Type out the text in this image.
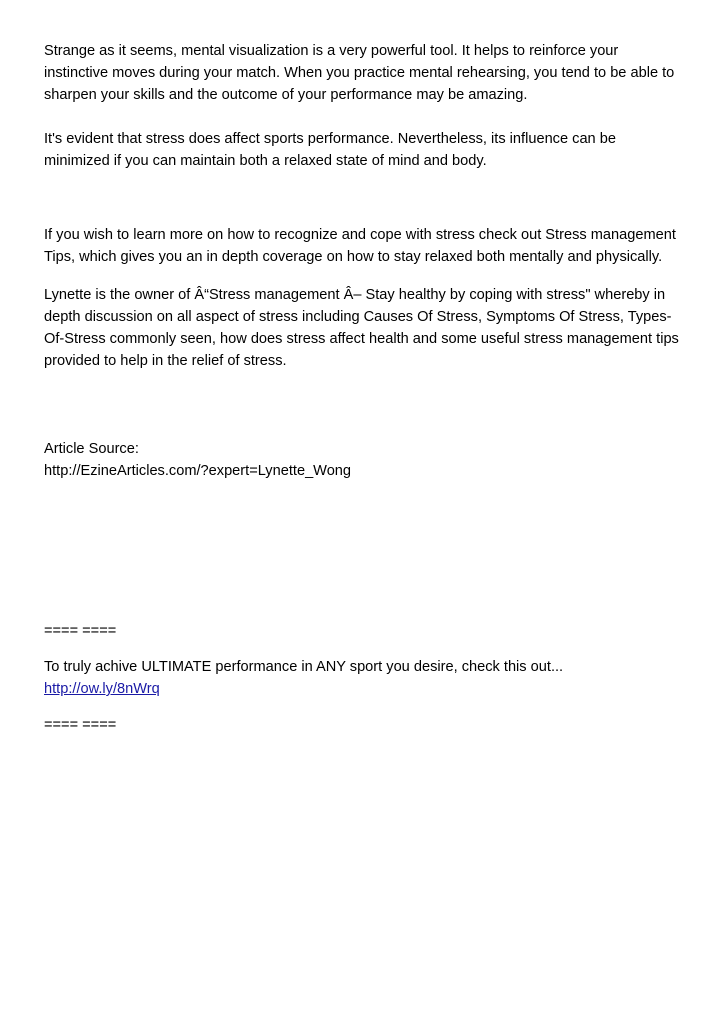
Strange as it seems, mental visualization is a very powerful tool. It helps to reinforce your
instinctive moves during your match. When you practice mental rehearsing, you tend to be able to
sharpen your skills and the outcome of your performance may be amazing.

It's evident that stress does affect sports performance. Nevertheless, its influence can be
minimized if you can maintain both a relaxed state of mind and body.

If you wish to learn more on how to recognize and cope with stress check out Stress management
Tips, which gives you an in depth coverage on how to stay relaxed both mentally and physically.

Lynette is the owner of Â“Stress management Â– Stay healthy by coping with stress" whereby in
depth discussion on all aspect of stress including Causes Of Stress, Symptoms Of Stress, Types-
Of-Stress commonly seen, how does stress affect health and some useful stress management tips
provided to help in the relief of stress.

Article Source:
http://EzineArticles.com/?expert=Lynette_Wong

==== ====

To truly achive ULTIMATE performance in ANY sport you desire, check this out...
http://ow.ly/8nWrq

==== ====
